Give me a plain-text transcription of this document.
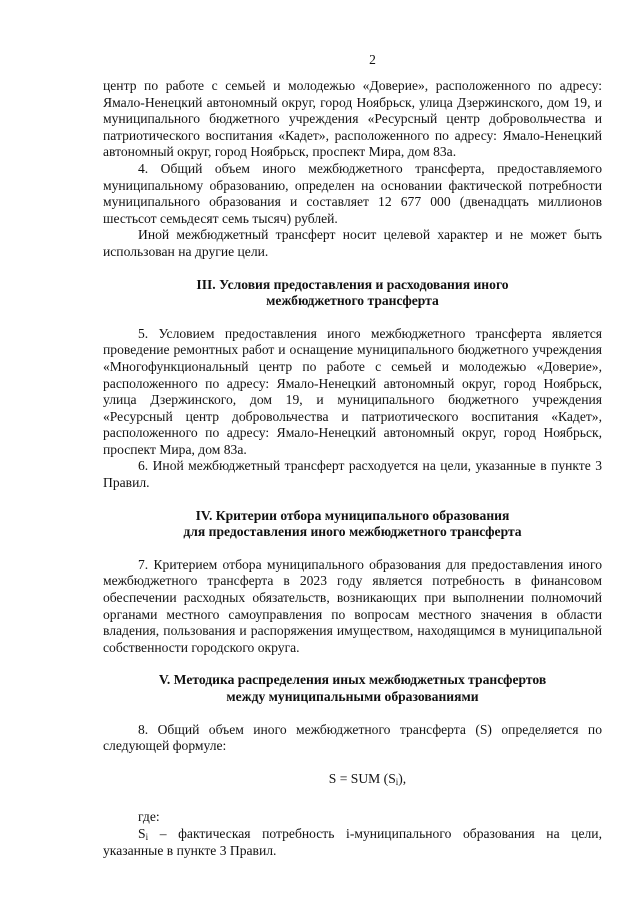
2

центр по работе с семьей и молодежью «Доверие», расположенного по адресу: Ямало-Ненецкий автономный округ, город Ноябрьск, улица Дзержинского, дом 19, и муниципального бюджетного учреждения «Ресурсный центр добровольчества и патриотического воспитания «Кадет», расположенного по адресу: Ямало-Ненецкий автономный округ, город Ноябрьск, проспект Мира, дом 83а.

4. Общий объем иного межбюджетного трансферта, предоставляемого муниципальному образованию, определен на основании фактической потребности муниципального образования и составляет 12 677 000 (двенадцать миллионов шестьсот семьдесят семь тысяч) рублей.

Иной межбюджетный трансферт носит целевой характер и не может быть использован на другие цели.

III. Условия предоставления и расходования иного
межбюджетного трансферта

5. Условием предоставления иного межбюджетного трансферта является проведение ремонтных работ и оснащение муниципального бюджетного учреждения «Многофункциональный центр по работе с семьей и молодежью «Доверие», расположенного по адресу: Ямало-Ненецкий автономный округ, город Ноябрьск, улица Дзержинского, дом 19, и муниципального бюджетного учреждения «Ресурсный центр добровольчества и патриотического воспитания «Кадет», расположенного по адресу: Ямало-Ненецкий автономный округ, город Ноябрьск, проспект Мира, дом 83а.

6. Иной межбюджетный трансферт расходуется на цели, указанные в пункте 3 Правил.

IV. Критерии отбора муниципального образования
для предоставления иного межбюджетного трансферта

7. Критерием отбора муниципального образования для предоставления иного межбюджетного трансферта в 2023 году является потребность в финансовом обеспечении расходных обязательств, возникающих при выполнении полномочий органами местного самоуправления по вопросам местного значения в области владения, пользования и распоряжения имуществом, находящимся в муниципальной собственности городского округа.

V. Методика распределения иных межбюджетных трансфертов
между муниципальными образованиями

8. Общий объем иного межбюджетного трансферта (S) определяется по следующей формуле:

S = SUM $(S_i)$,

где:

$S_i$ – фактическая потребность i-муниципального образования на цели, указанные в пункте 3 Правил.
